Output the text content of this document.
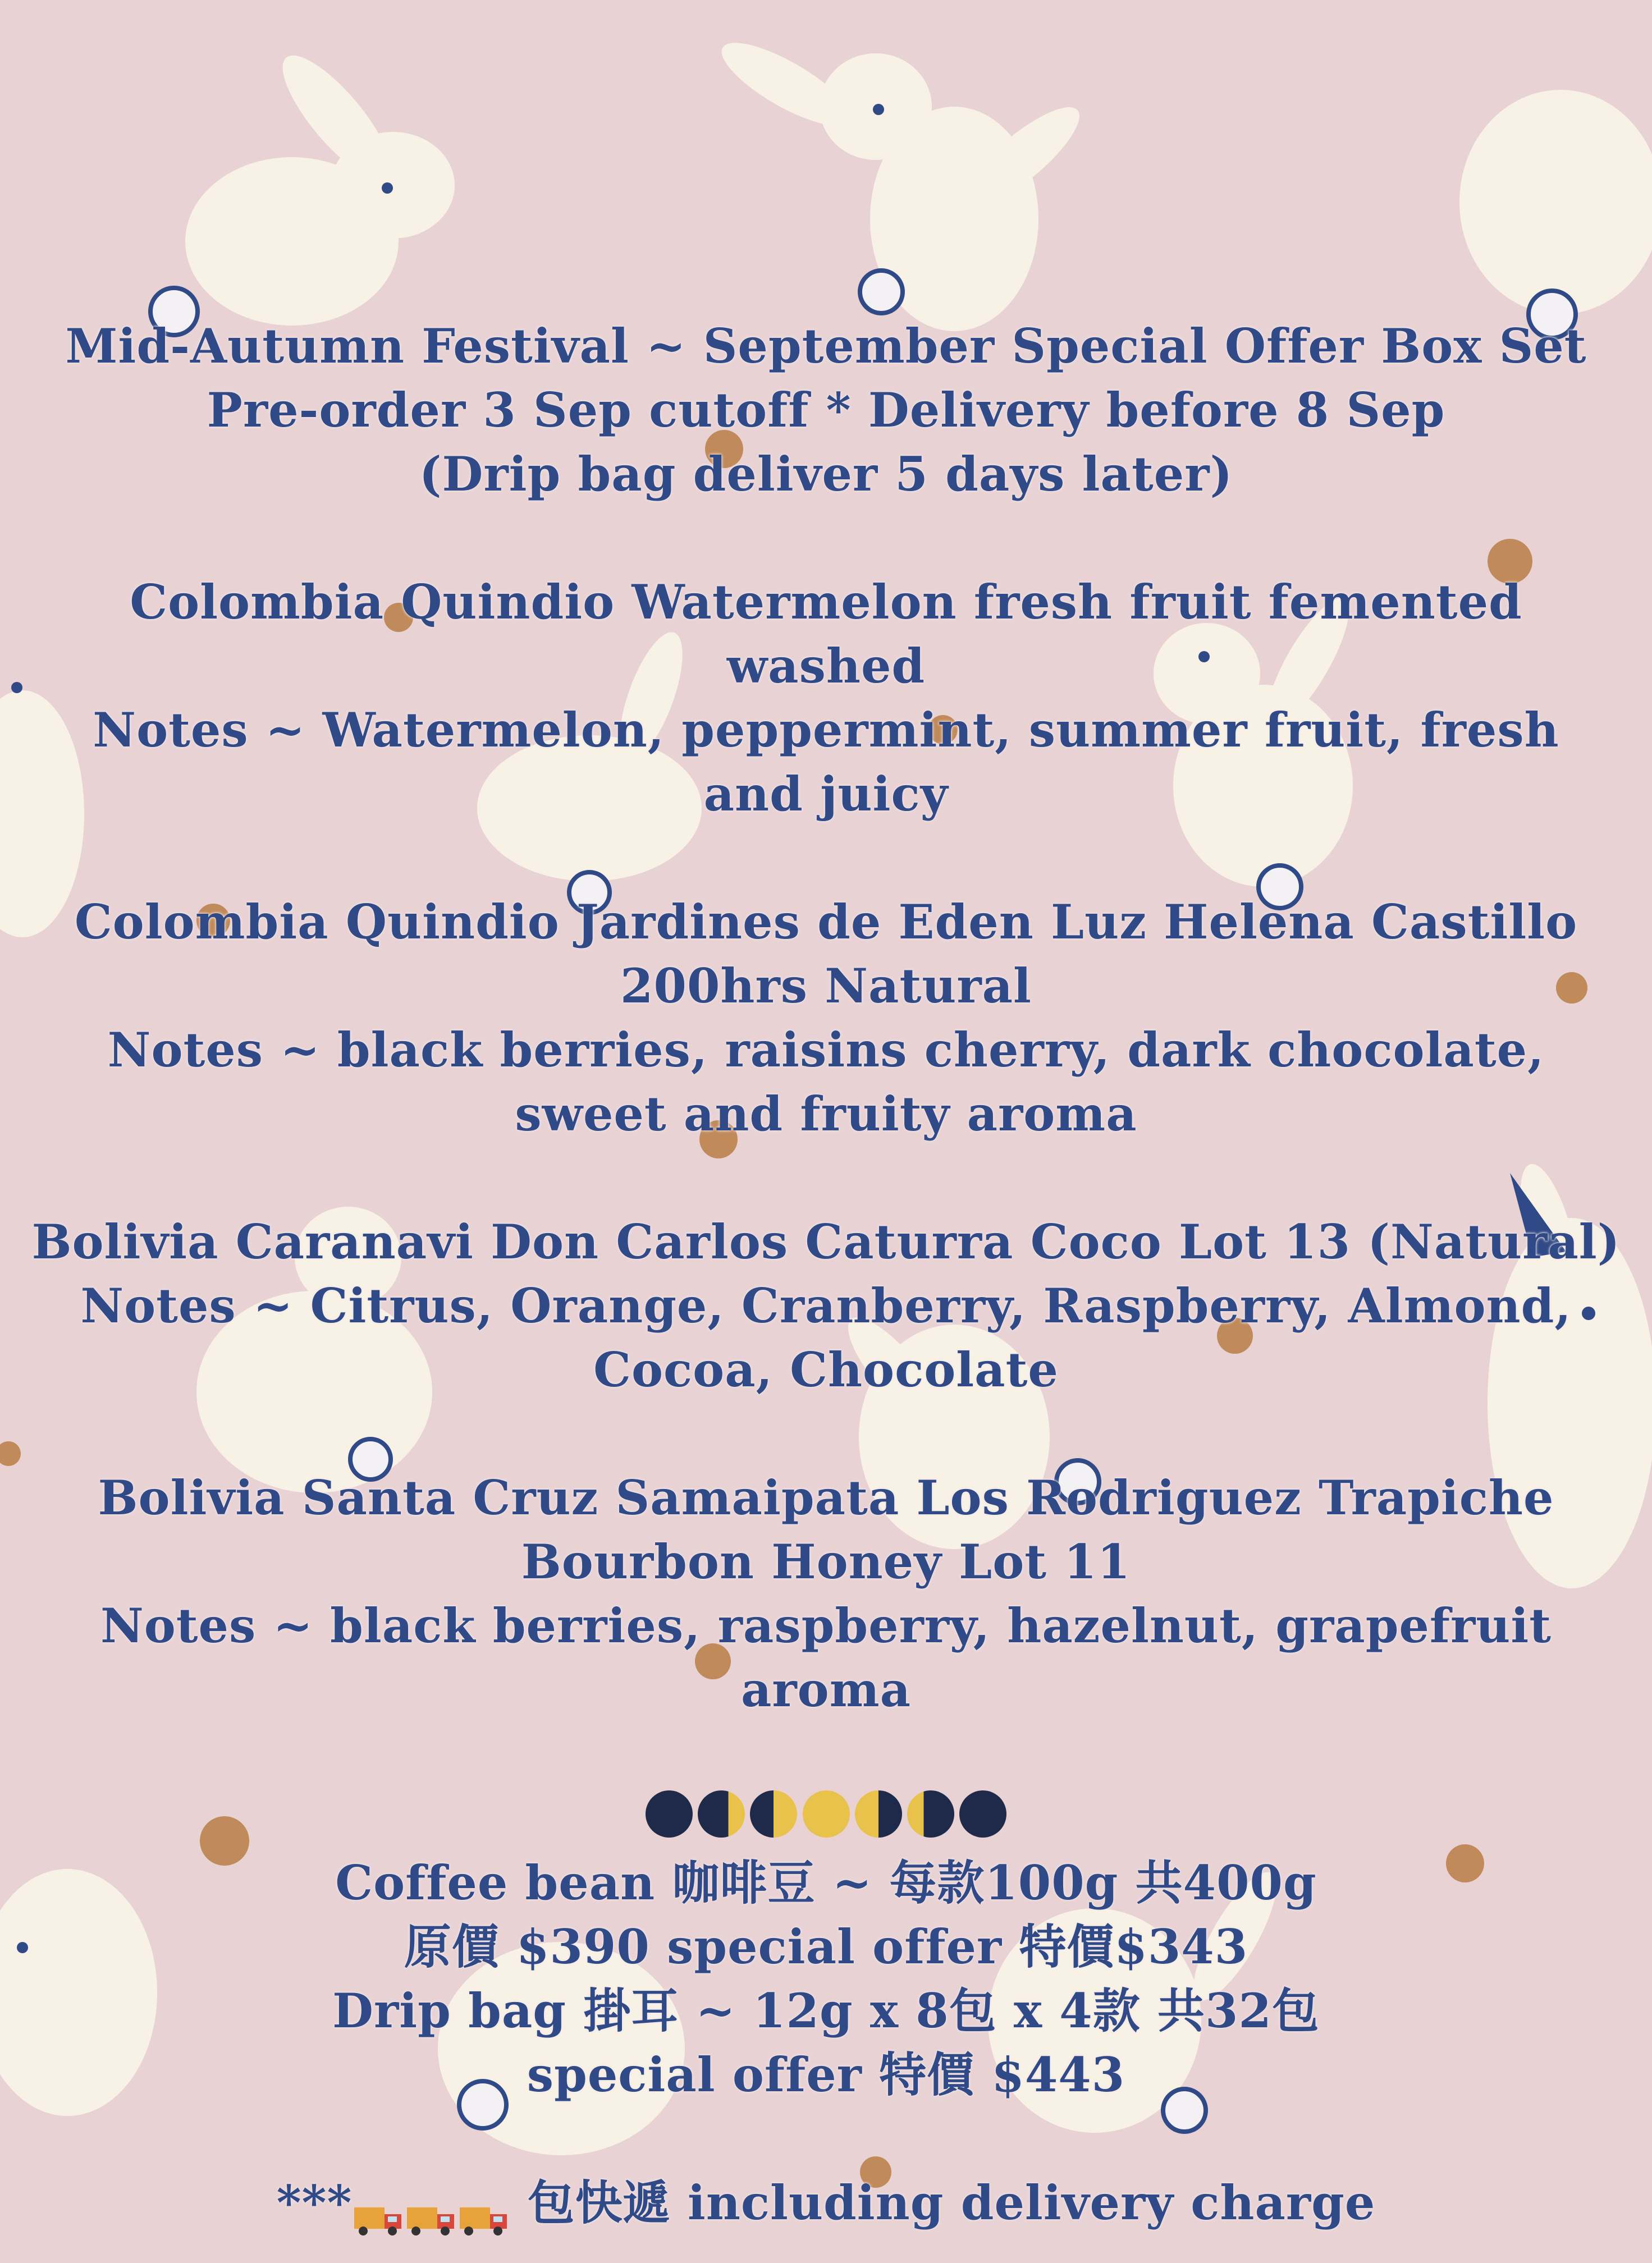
Mid-Autumn Festival ~ September Special Offer Box Set
Pre-order 3 Sep cutoff * Delivery before 8 Sep
(Drip bag deliver 5 days later)
Colombia Quindio Watermelon fresh fruit femented
washed
Notes ~ Watermelon, peppermint, summer fruit, fresh
and juicy
Colombia Quindio Jardines de Eden Luz Helena Castillo
200hrs Natural
Notes ~ black berries, raisins cherry, dark chocolate,
sweet and fruity aroma
Bolivia Caranavi Don Carlos Caturra Coco Lot 13 (Natural)
Notes ~ Citrus, Orange, Cranberry, Raspberry, Almond,
Cocoa, Chocolate
Bolivia Santa Cruz Samaipata Los Rodriguez Trapiche
Bourbon Honey Lot 11
Notes ~ black berries, raspberry, hazelnut, grapefruit
aroma

Coffee bean 咖啡豆 ~ 每款100g 共400g
原價 $390 special offer 特價$343
Drip bag 掛耳 ~ 12g x 8包 x 4款 共32包
special offer 特價 $443
***	包快遞 including delivery charge
